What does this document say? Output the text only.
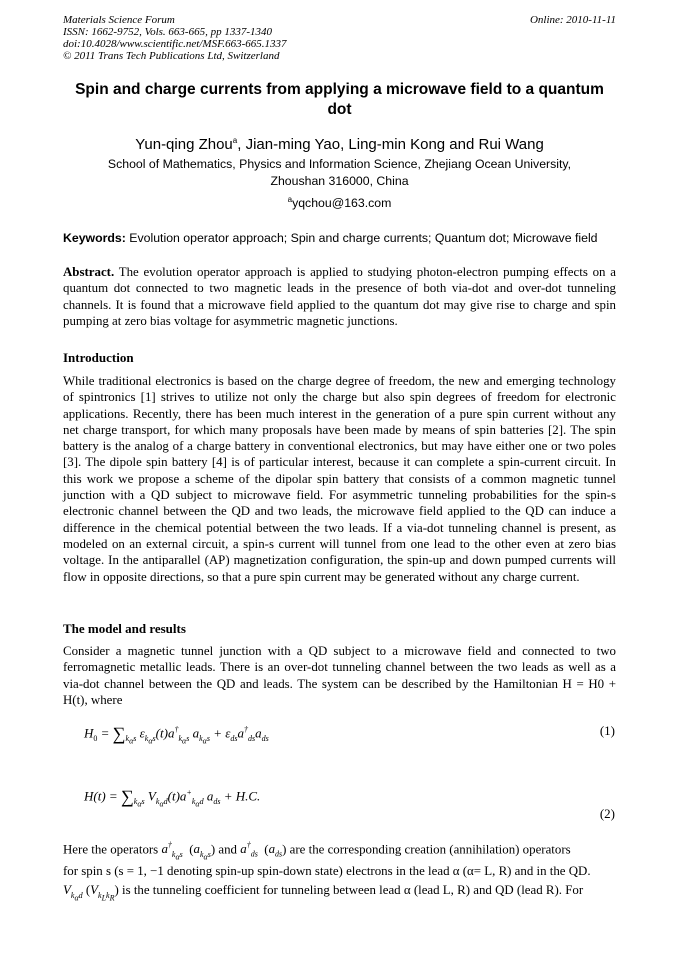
Materials Science Forum
ISSN: 1662-9752, Vols. 663-665, pp 1337-1340
doi:10.4028/www.scientific.net/MSF.663-665.1337
© 2011 Trans Tech Publications Ltd, Switzerland
Online: 2010-11-11
Spin and charge currents from applying a microwave field to a quantum dot
Yun-qing Zhou$^a$, Jian-ming Yao, Ling-min Kong and Rui Wang
School of Mathematics, Physics and Information Science, Zhejiang Ocean University,
Zhoushan 316000, China
$^a$yqchou@163.com
Keywords: Evolution operator approach; Spin and charge currents; Quantum dot; Microwave field
Abstract. The evolution operator approach is applied to studying photon-electron pumping effects on a quantum dot connected to two magnetic leads in the presence of both via-dot and over-dot tunneling channels. It is found that a microwave field applied to the quantum dot may give rise to charge and spin pumping at zero bias voltage for asymmetric magnetic junctions.
Introduction
While traditional electronics is based on the charge degree of freedom, the new and emerging technology of spintronics [1] strives to utilize not only the charge but also spin degrees of freedom for electronic applications. Recently, there has been much interest in the generation of a pure spin current without any net charge transport, for which many proposals have been made by means of spin batteries [2]. The spin battery is the analog of a charge battery in conventional electronics, but may have either one or two poles [3]. The dipole spin battery [4] is of particular interest, because it can complete a spin-current circuit. In this work we propose a scheme of the dipolar spin battery that consists of a common magnetic tunnel junction with a QD subject to microwave field. For asymmetric tunneling probabilities for the spin-s electronic channel between the QD and two leads, the microwave field applied to the QD can induce a difference in the chemical potential between the two leads. If a via-dot tunneling channel is present, as modeled on an external circuit, a spin-s current will tunnel from one lead to the other even at zero bias voltage. In the antiparallel (AP) magnetization configuration, the spin-up and down pumped currents will flow in opposite directions, so that a pure spin current may be generated without any charge current.
The model and results
Consider a magnetic tunnel junction with a QD subject to a microwave field and connected to two ferromagnetic metallic leads. There is an over-dot tunneling channel between the two leads as well as a via-dot channel between the QD and leads. The system can be described by the Hamiltonian H = H0 + H(t), where
$H_0 = \sum_{k_\alpha s}$ $\varepsilon_{k_\alpha s}(t)a^\dagger_{k_\alpha s}$ $a_{k_\alpha s} + \varepsilon_{ds}a^\dagger_{ds}a_{ds}$
(1)
$H(t) = \sum_{k_\alpha s}$ $V_{k_\alpha d}(t)a^+_{k_\alpha d}$ $a_{ds} + H.C$.
(2)
Here the operators $a^\dagger_{k_\alpha s}$  $(a_{k_\alpha s})$ and $a^\dagger_{ds}$  $(a_{ds})$ are the corresponding creation (annihilation) operators
for spin s (s = 1, −1 denoting spin-up spin-down state) electrons in the lead α (α= L, R) and in the QD.
$V_{k_\alpha d}$ $(V_{k_Lk_R})$ is the tunneling coefficient for tunneling between lead α (lead L, R) and QD (lead R). For
